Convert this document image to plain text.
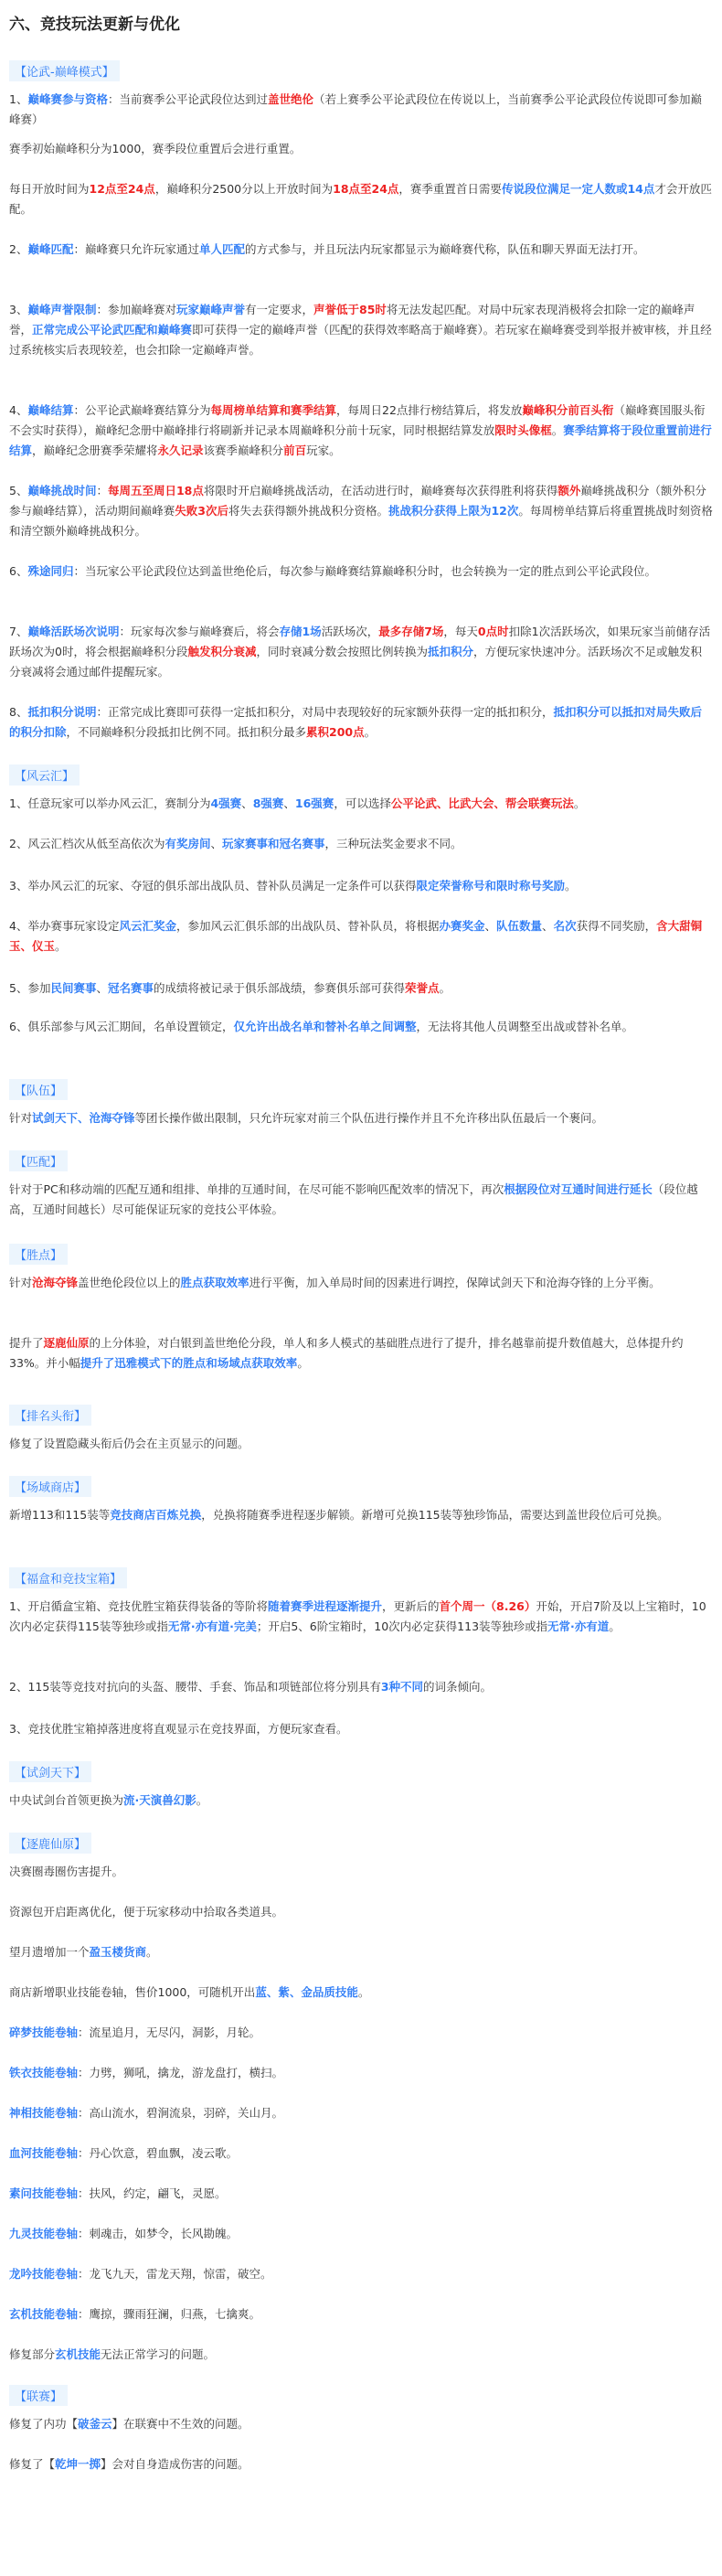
六、竞技玩法更新与优化
【论武-巅峰模式】

1、巅峰赛参与资格：当前赛季公平论武段位达到过盖世绝伦（若上赛季公平论武段位在传说以上，当前赛季公平论武段位传说即可参加巅峰赛）

赛季初始巅峰积分为1000，赛季段位重置后会进行重置。

每日开放时间为12点至24点，巅峰积分2500分以上开放时间为18点至24点，赛季重置首日需要传说段位满足一定人数或14点才会开放匹配。

2、巅峰匹配：巅峰赛只允许玩家通过单人匹配的方式参与，并且玩法内玩家都显示为巅峰赛代称，队伍和聊天界面无法打开。

3、巅峰声誉限制：参加巅峰赛对玩家巅峰声誉有一定要求，声誉低于85时将无法发起匹配。对局中玩家表现消极将会扣除一定的巅峰声誉，正常完成公平论武匹配和巅峰赛即可获得一定的巅峰声誉（匹配的获得效率略高于巅峰赛）。若玩家在巅峰赛受到举报并被审核，并且经过系统核实后表现较差，也会扣除一定巅峰声誉。

4、巅峰结算：公平论武巅峰赛结算分为每周榜单结算和赛季结算，每周日22点排行榜结算后，将发放巅峰积分前百头衔（巅峰赛国服头衔不会实时获得），巅峰纪念册中巅峰排行将刷新并记录本周巅峰积分前十玩家，同时根据结算发放限时头像框。赛季结算将于段位重置前进行结算，巅峰纪念册赛季荣耀将永久记录该赛季巅峰积分前百玩家。

5、巅峰挑战时间：每周五至周日18点将限时开启巅峰挑战活动，在活动进行时，巅峰赛每次获得胜利将获得额外巅峰挑战积分（额外积分参与巅峰结算），活动期间巅峰赛失败3次后将失去获得额外挑战积分资格。挑战积分获得上限为12次。每周榜单结算后将重置挑战时刻资格和清空额外巅峰挑战积分。

6、殊途同归：当玩家公平论武段位达到盖世绝伦后，每次参与巅峰赛结算巅峰积分时，也会转换为一定的胜点到公平论武段位。

7、巅峰活跃场次说明：玩家每次参与巅峰赛后，将会存储1场活跃场次，最多存储7场，每天0点时扣除1次活跃场次，如果玩家当前储存活跃场次为0时，将会根据巅峰积分段触发积分衰减，同时衰减分数会按照比例转换为抵扣积分，方便玩家快速冲分。活跃场次不足或触发积分衰减将会通过邮件提醒玩家。

8、抵扣积分说明：正常完成比赛即可获得一定抵扣积分，对局中表现较好的玩家额外获得一定的抵扣积分，抵扣积分可以抵扣对局失败后的积分扣除，不同巅峰积分段抵扣比例不同。抵扣积分最多累积200点。

【风云汇】

1、任意玩家可以举办风云汇，赛制分为4强赛、8强赛、16强赛，可以选择公平论武、比武大会、帮会联赛玩法。

2、风云汇档次从低至高依次为有奖房间、玩家赛事和冠名赛事，三种玩法奖金要求不同。

3、举办风云汇的玩家、夺冠的俱乐部出战队员、替补队员满足一定条件可以获得限定荣誉称号和限时称号奖励。

4、举办赛事玩家设定风云汇奖金，参加风云汇俱乐部的出战队员、替补队员，将根据办赛奖金、队伍数量、名次获得不同奖励，含大甜铜玉、仪玉。

5、参加民间赛事、冠名赛事的成绩将被记录于俱乐部战绩，参赛俱乐部可获得荣誉点。

6、俱乐部参与风云汇期间，名单设置锁定，仅允许出战名单和替补名单之间调整，无法将其他人员调整至出战或替补名单。

【队伍】

针对试剑天下、沧海夺锋等团长操作做出限制，只允许玩家对前三个队伍进行操作并且不允许移出队伍最后一个裹问。

【匹配】

针对于PC和移动端的匹配互通和组排、单排的互通时间，在尽可能不影响匹配效率的情况下，再次根据段位对互通时间进行延长（段位越高，互通时间越长）尽可能保证玩家的竞技公平体验。

【胜点】

针对沧海夺锋盖世绝伦段位以上的胜点获取效率进行平衡，加入单局时间的因素进行调控，保障试剑天下和沧海夺锋的上分平衡。

提升了逐鹿仙原的上分体验，对白银到盖世绝伦分段，单人和多人模式的基础胜点进行了提升，排名越靠前提升数值越大，总体提升约33%。并小幅提升了迅雅模式下的胜点和场域点获取效率。

【排名头衔】

修复了设置隐藏头衔后仍会在主页显示的问题。

【场域商店】

新增113和115装等竞技商店百炼兑换，兑换将随赛季进程逐步解锁。新增可兑换115装等独珍饰品，需要达到盖世段位后可兑换。

【福盒和竞技宝箱】

1、开启循盒宝箱、竞技优胜宝箱获得装备的等阶将随着赛季进程逐渐提升，更新后的首个周一（8.26）开始，开启7阶及以上宝箱时，10次内必定获得115装等独珍或指无常·亦有道·完美；开启5、6阶宝箱时，10次内必定获得113装等独珍或指无常·亦有道。

2、115装等竞技对抗向的头盔、腰带、手套、饰品和项链部位将分别具有3种不同的词条倾向。

3、竞技优胜宝箱掉落进度将直观显示在竞技界面，方便玩家查看。

【试剑天下】

中央试剑台首领更换为流·天演兽幻影。

【逐鹿仙原】

决赛圈毒圈伤害提升。

资源包开启距离优化，便于玩家移动中拾取各类道具。

望月遗增加一个盈玉楼货商。

商店新增职业技能卷轴，售价1000，可随机开出蓝、紫、金品质技能。

碎梦技能卷轴：流星追月，无尽闪，洞影，月轮。

铁衣技能卷轴：力劈，狮吼，擒龙，游龙盘打，横扫。

神相技能卷轴：高山流水，碧涧流泉，羽碎，关山月。

血河技能卷轴：丹心饮意，碧血飘，凌云歌。

素问技能卷轴：扶风，约定，翩飞，灵愿。

九灵技能卷轴：刺魂击，如梦令，长风勘魄。

龙吟技能卷轴：龙飞九天，雷龙天翔，惊雷，破空。

玄机技能卷轴：鹰掠，骤雨狂澜，归燕，七擒爽。

修复部分玄机技能无法正常学习的问题。

【联赛】

修复了内功【破釜云】在联赛中不生效的问题。

修复了【乾坤一掷】会对自身造成伤害的问题。
